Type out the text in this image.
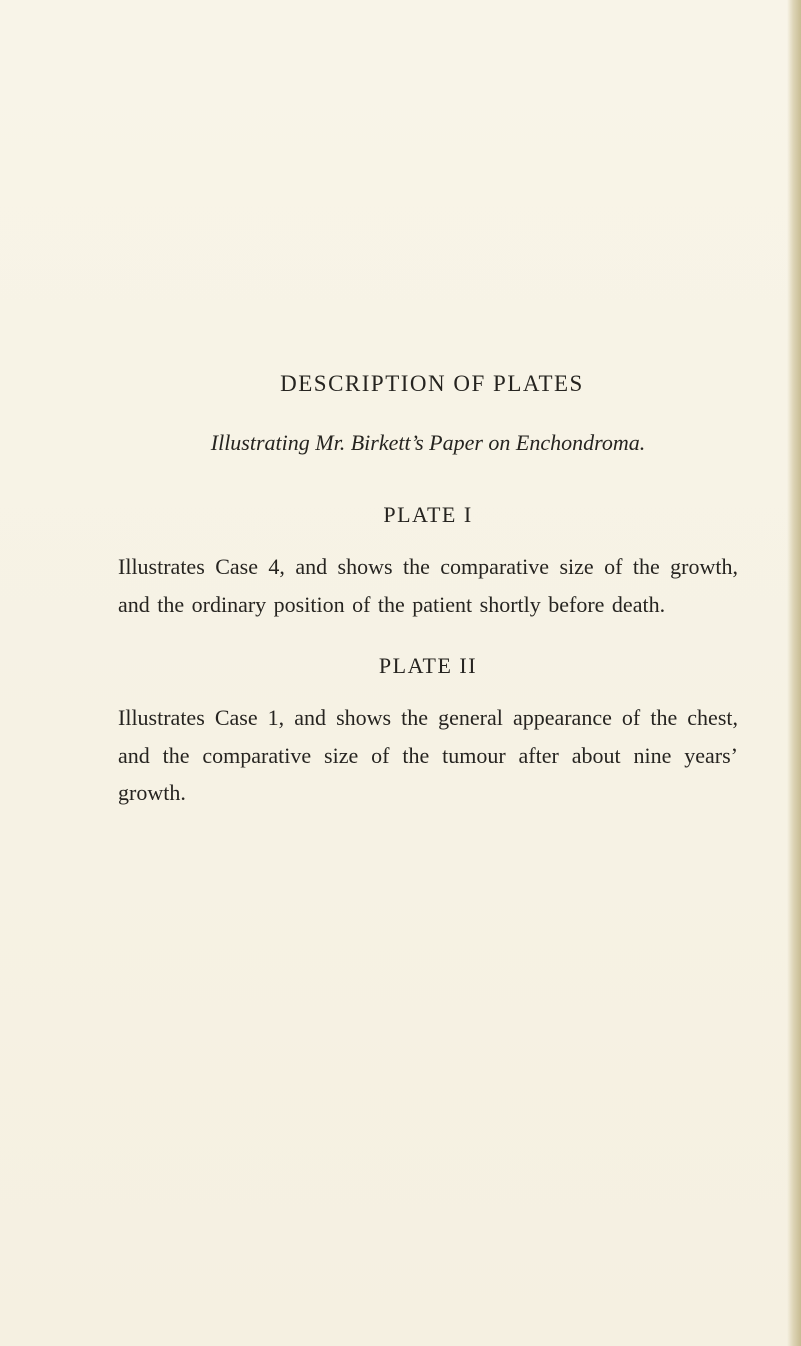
DESCRIPTION OF PLATES
Illustrating Mr. Birkett’s Paper on Enchondroma.
PLATE I
Illustrates Case 4, and shows the comparative size of the growth, and the ordinary position of the patient shortly before death.
PLATE II
Illustrates Case 1, and shows the general appearance of the chest, and the comparative size of the tumour after about nine years’ growth.
